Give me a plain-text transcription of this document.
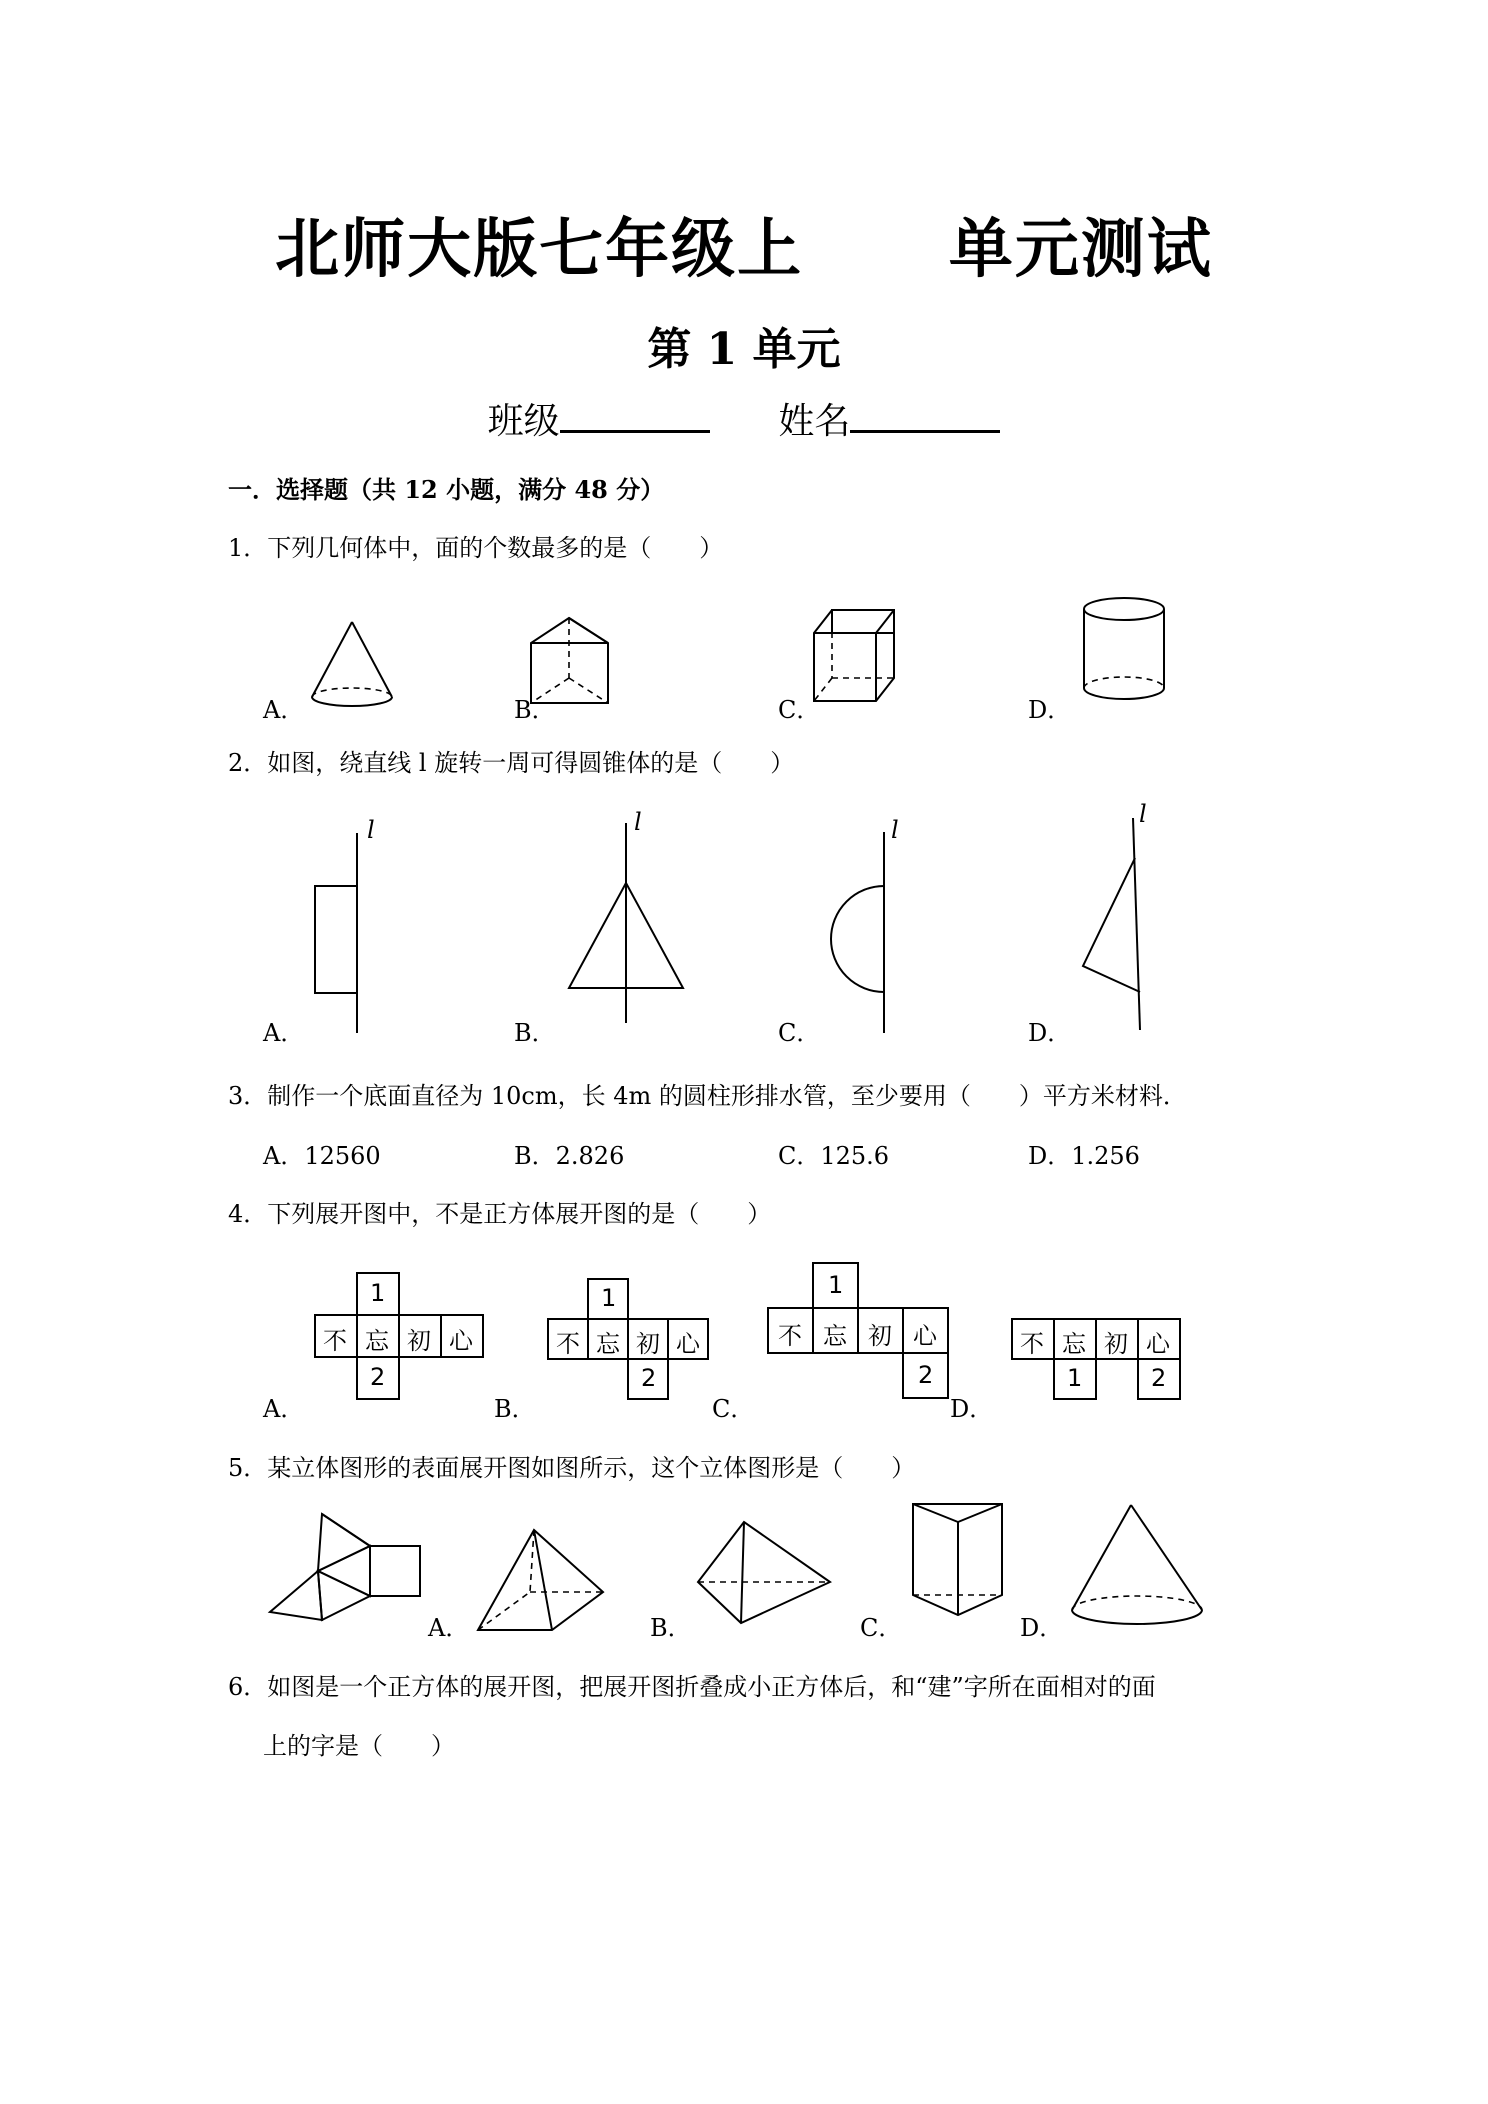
北师大版七年级上      单元测试
第 1 单元
班级	姓名
一．选择题（共 12 小题，满分 48 分）
1．下列几何体中，面的个数最多的是（　　）
A．	B．	C．	D．
2．如图，绕直线 l 旋转一周可得圆锥体的是（　　）
l	l	l
l
A．	B．	C．	D．
3．制作一个底面直径为 10cm，长 4m 的圆柱形排水管，至少要用（　　）平方米材料．
A．12560	B．2.826	C．125.6	D．1.256
4．下列展开图中，不是正方体展开图的是（　　）
1
不 忘 初 心
2
1
不 忘 初 心
2
1
不 忘 初 心
2
不 忘 初 心
1	2
A．	B．	C．	D．
5．某立体图形的表面展开图如图所示，这个立体图形是（　　）
A．	B．	C．	D．
6．如图是一个正方体的展开图，把展开图折叠成小正方体后，和“建”字所在面相对的面
上的字是（　　）
